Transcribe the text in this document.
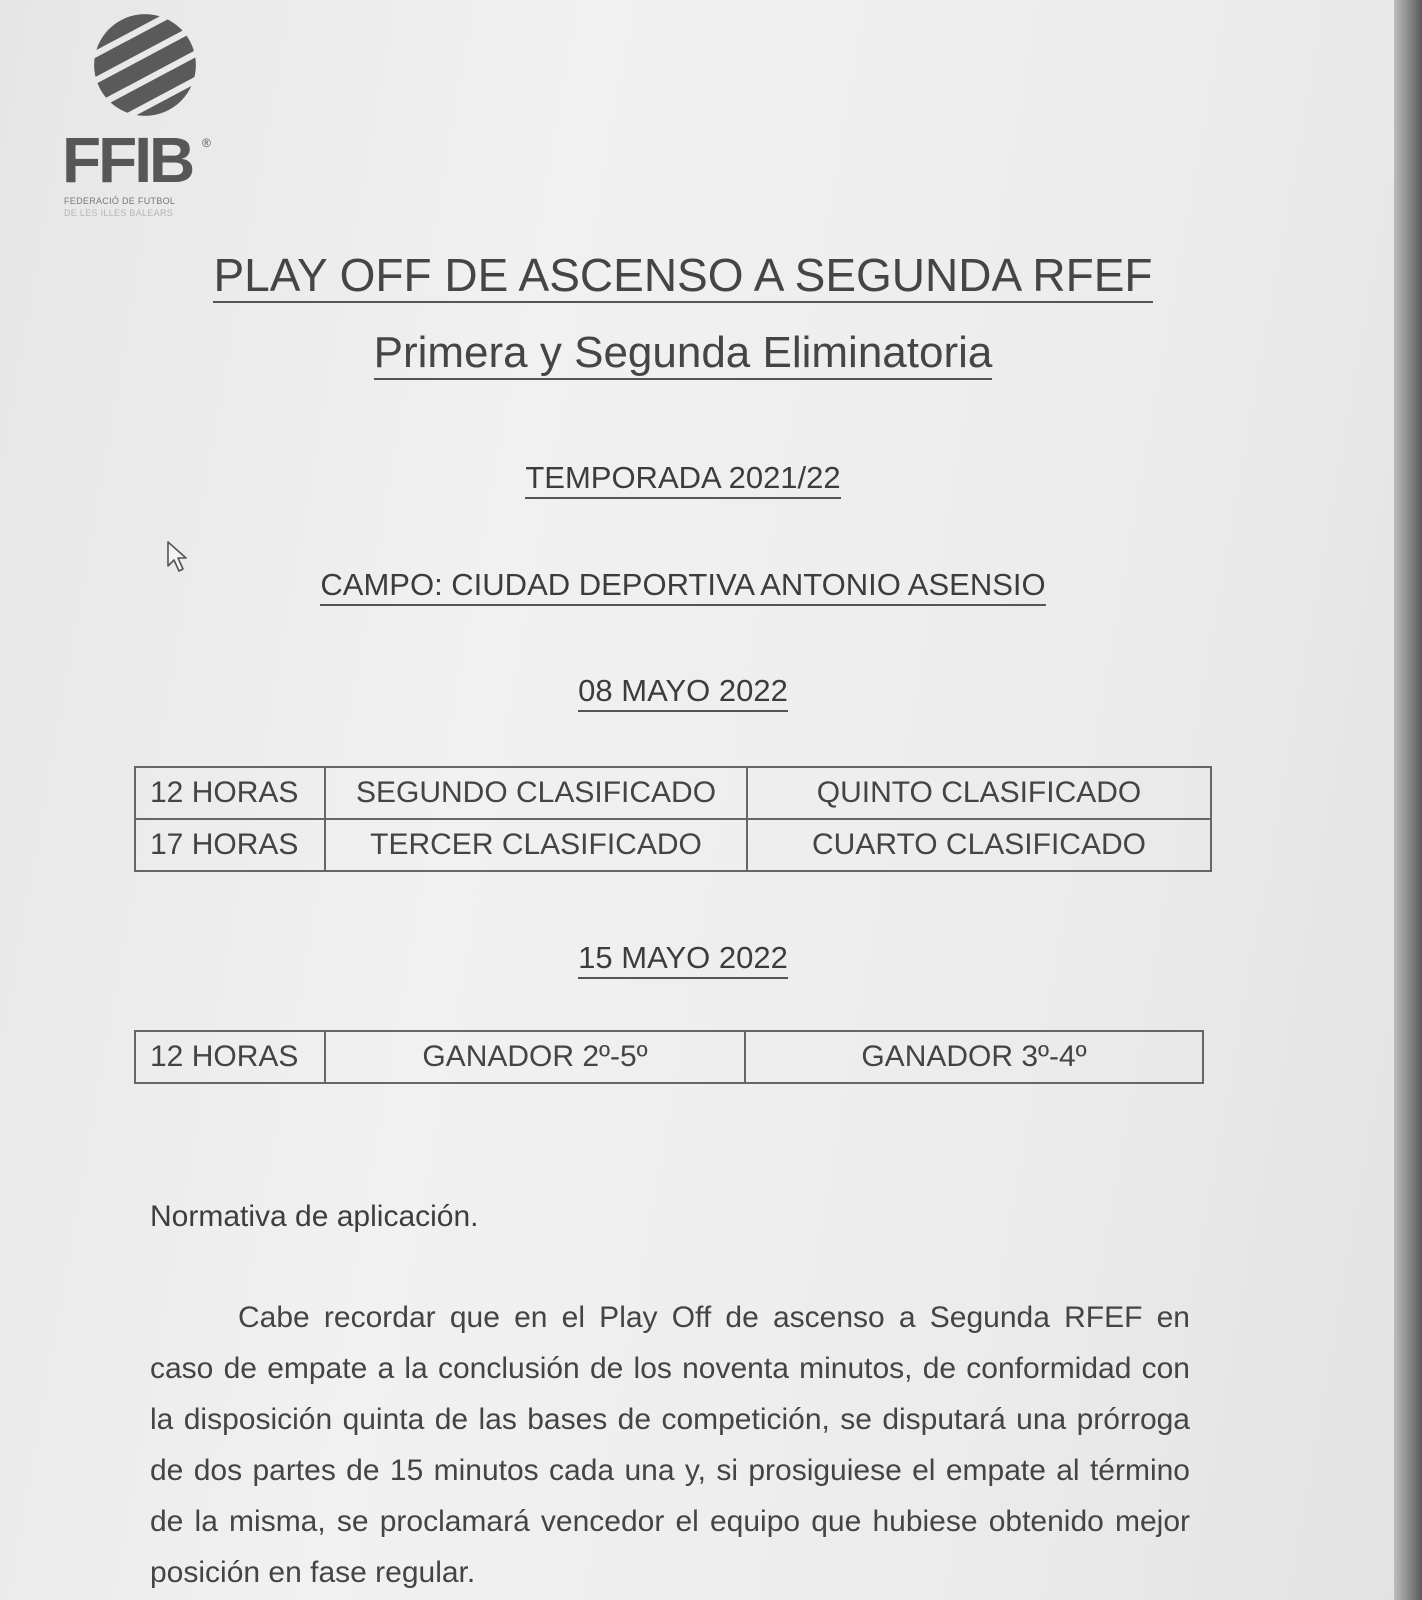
FFIB ®
FEDERACIÓ DE FUTBOL
DE LES ILLES BALEARS
PLAY OFF DE ASCENSO A SEGUNDA RFEF
Primera y Segunda Eliminatoria
TEMPORADA 2021/22
CAMPO: CIUDAD DEPORTIVA ANTONIO ASENSIO
08 MAYO 2022
12 HORAS	SEGUNDO CLASIFICADO	QUINTO CLASIFICADO
17 HORAS	TERCER CLASIFICADO	CUARTO CLASIFICADO
15 MAYO 2022
12 HORAS	GANADOR 2º-5º	GANADOR 3º-4º
Normativa de aplicación.

Cabe recordar que en el Play Off de ascenso a Segunda RFEF en caso de empate a la conclusión de los noventa minutos, de conformidad con la disposición quinta de las bases de competición, se disputará una prórroga de dos partes de 15 minutos cada una y, si prosiguiese el empate al término de la misma, se proclamará vencedor el equipo que hubiese obtenido mejor posición en fase regular.
